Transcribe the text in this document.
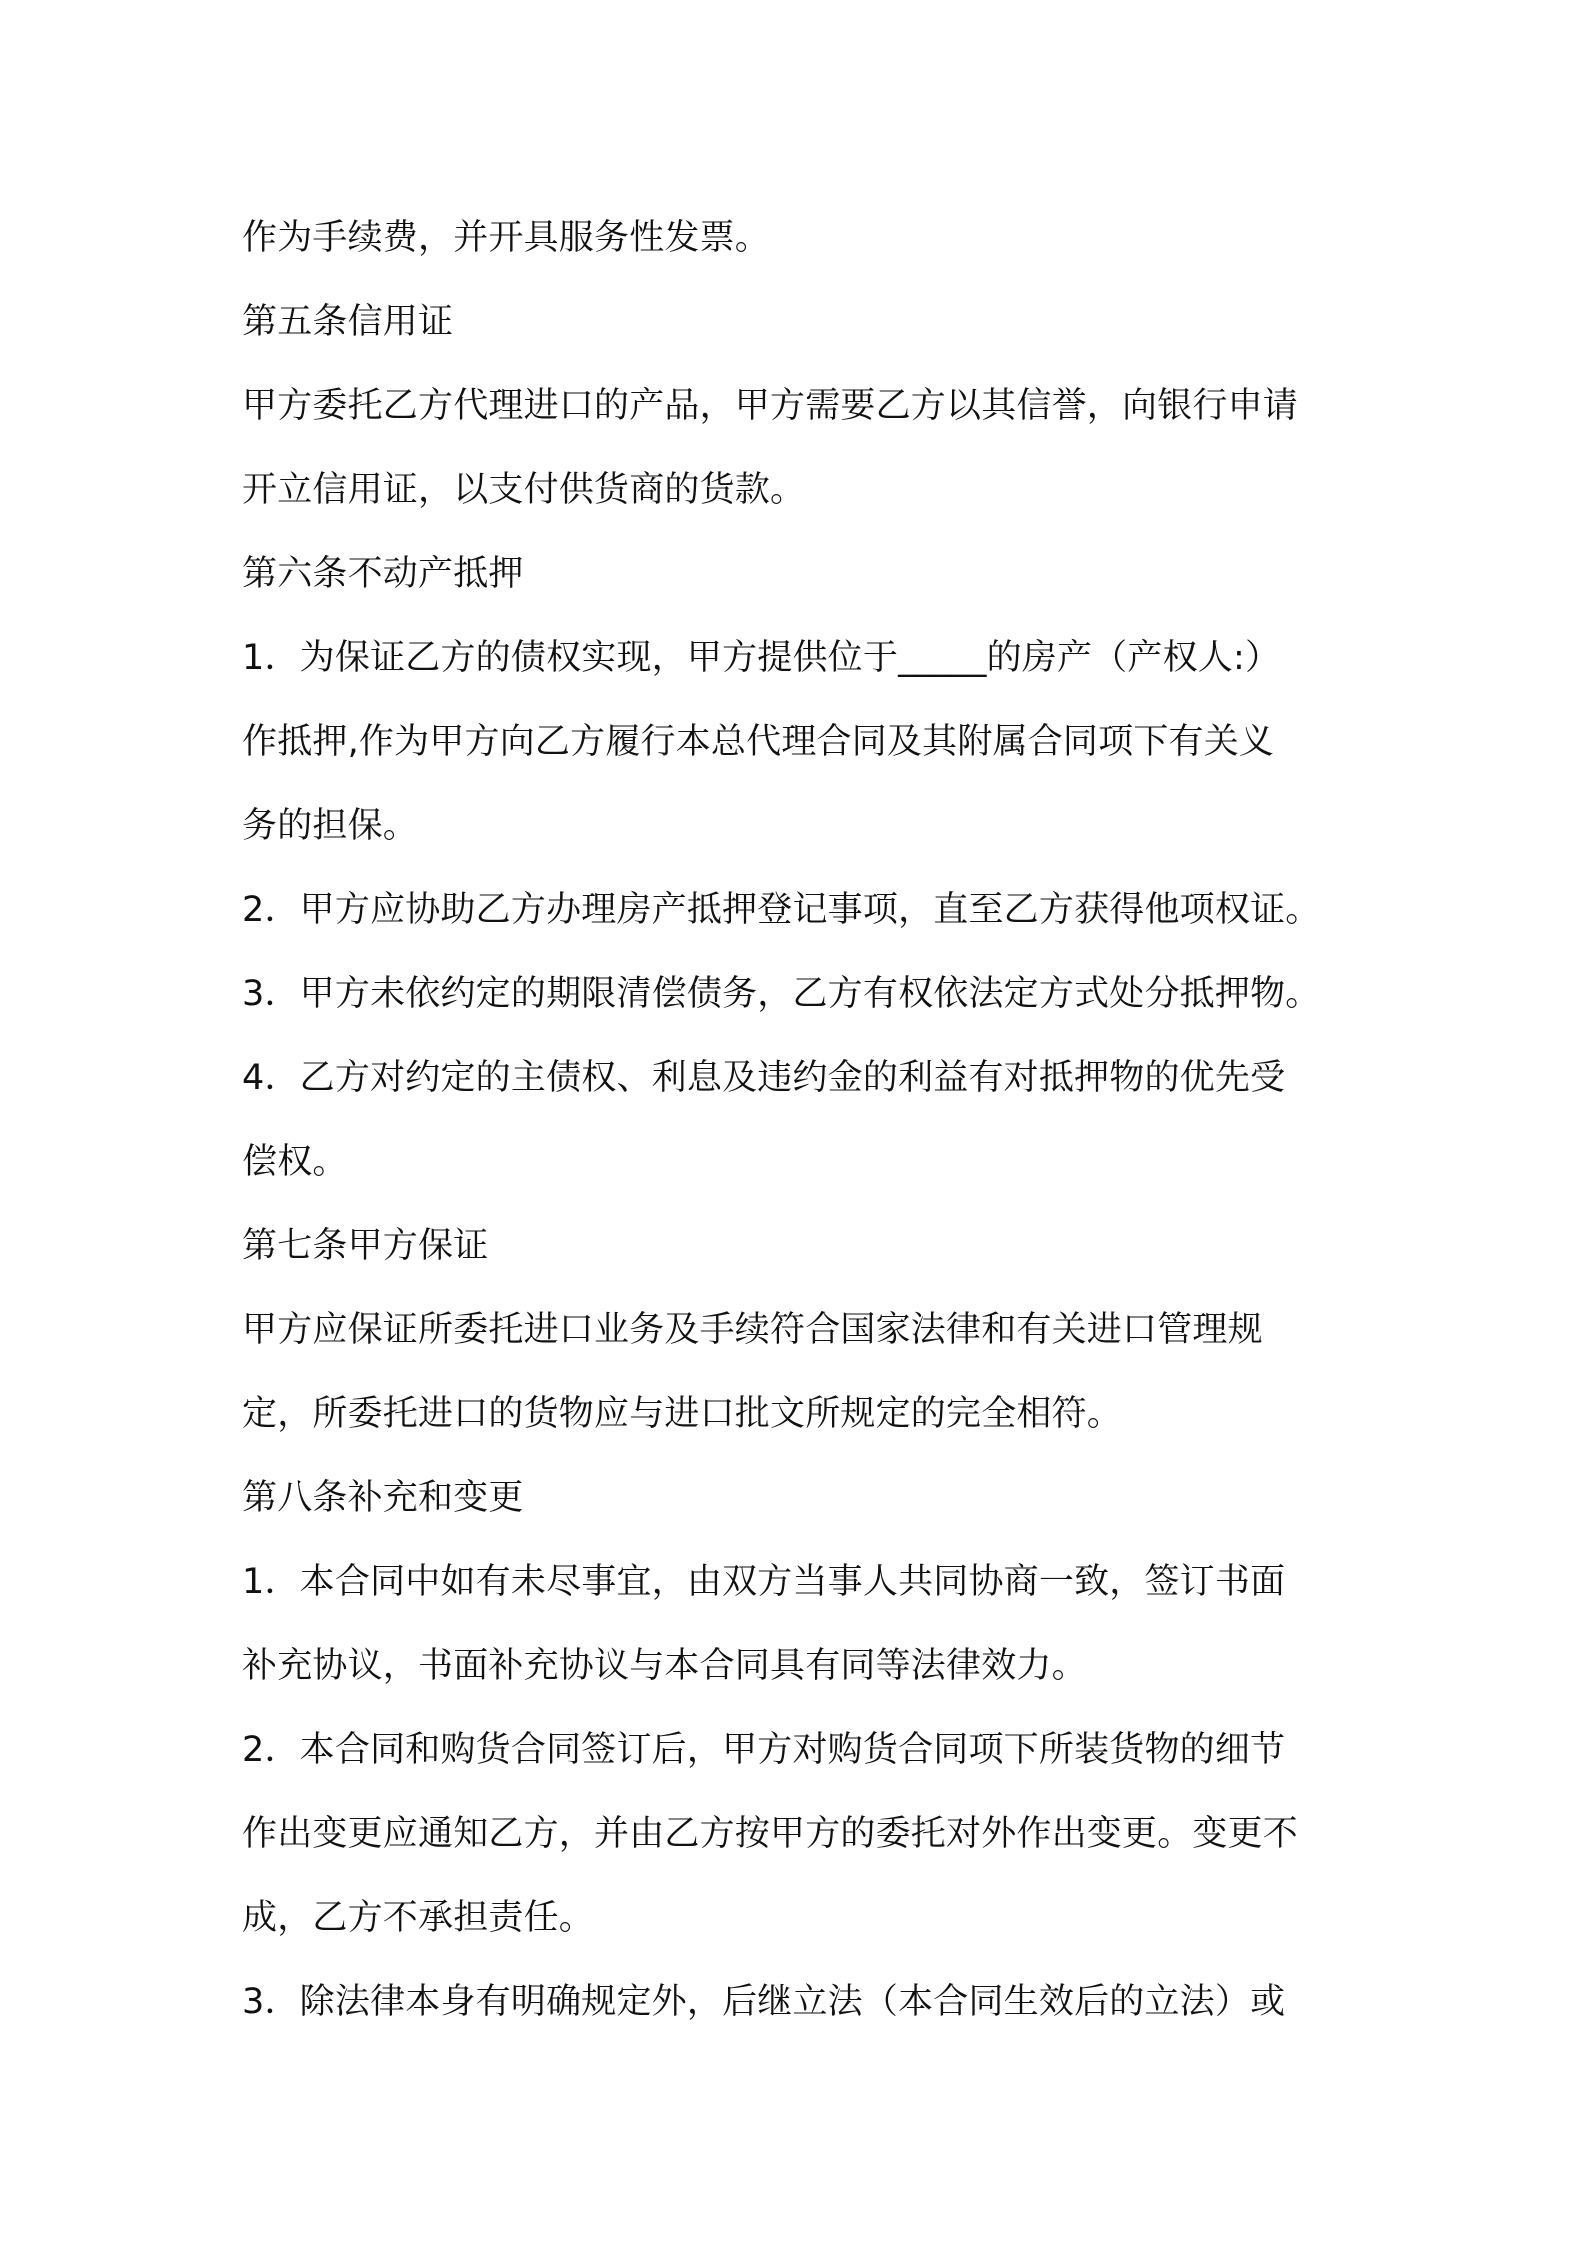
作为手续费，并开具服务性发票。
第五条信用证
甲方委托乙方代理进口的产品，甲方需要乙方以其信誉，向银行申请
开立信用证，以支付供货商的货款。
第六条不动产抵押
1．为保证乙方的债权实现，甲方提供位于_____的房产（产权人:）
作抵押,作为甲方向乙方履行本总代理合同及其附属合同项下有关义
务的担保。
2．甲方应协助乙方办理房产抵押登记事项，直至乙方获得他项权证。
3．甲方未依约定的期限清偿债务，乙方有权依法定方式处分抵押物。
4．乙方对约定的主债权、利息及违约金的利益有对抵押物的优先受
偿权。
第七条甲方保证
甲方应保证所委托进口业务及手续符合国家法律和有关进口管理规
定，所委托进口的货物应与进口批文所规定的完全相符。
第八条补充和变更
1．本合同中如有未尽事宜，由双方当事人共同协商一致，签订书面
补充协议，书面补充协议与本合同具有同等法律效力。
2．本合同和购货合同签订后，甲方对购货合同项下所装货物的细节
作出变更应通知乙方，并由乙方按甲方的委托对外作出变更。变更不
成，乙方不承担责任。
3．除法律本身有明确规定外，后继立法（本合同生效后的立法）或
